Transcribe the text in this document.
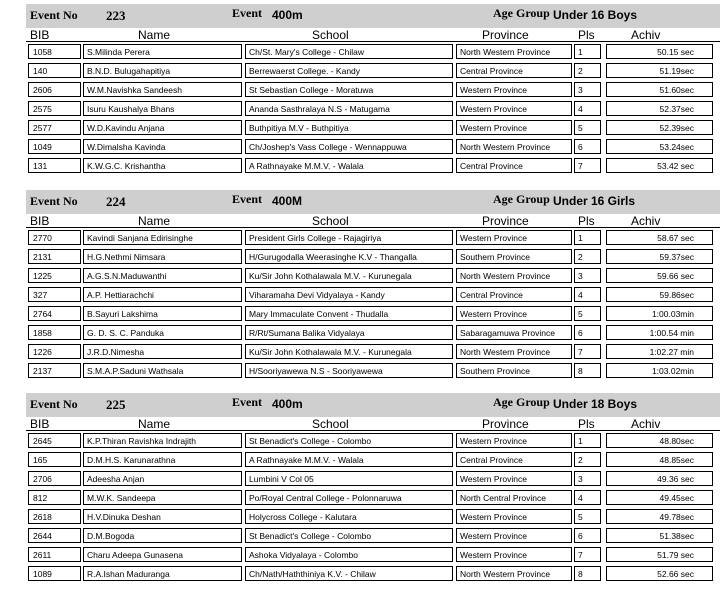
Event No 223	Event 400m	Age Group Under 16 Boys
BIB	Name	School	Province	Pls	Achiv
1058	S.Milinda Perera	Ch/St. Mary's College - Chilaw	North Western Province	1	50.15 sec
140	B.N.D. Bulugahapitiya	Berrewaerst College. - Kandy	Central Province	2	51.19sec
2606	W.M.Navishka Sandeesh	St Sebastian College - Moratuwa	Western Province	3	51.60sec
2575	Isuru Kaushalya Bhans	Ananda Sasthralaya N.S - Matugama	Western Province	4	52.37sec
2577	W.D.Kavindu Anjana	Buthpitiya M.V - Buthpitiya	Western Province	5	52.39sec
1049	W.Dimalsha Kavinda	Ch/Joshep's Vass College - Wennappuwa	North Western Province	6	53.24sec
131	K.W.G.C. Krishantha	A Rathnayake M.M.V. - Walala	Central Province	7	53.42 sec
Event No 224	Event 400M	Age Group Under 16 Girls
BIB	Name	School	Province	Pls	Achiv
2770	Kavindi Sanjana Edirisinghe	President Girls College - Rajagiriya	Western Province	1	58.67 sec
2131	H.G.Nethmi Nimsara	H/Gurugodalla Weerasinghe K.V - Thangalla	Southern Province	2	59.37sec
1225	A.G.S.N.Maduwanthi	Ku/Sir John Kothalawala M.V. - Kurunegala	North Western Province	3	59.66 sec
327	A.P. Hettiarachchi	Viharamaha Devi Vidyalaya - Kandy	Central Province	4	59.86sec
2764	B.Sayuri Lakshima	Mary Immaculate Convent - Thudalla	Western Province	5	1:00.03min
1858	G. D. S. C. Panduka	R/Rt/Sumana Balika Vidyalaya	Sabaragamuwa Province	6	1:00.54 min
1226	J.R.D.Nimesha	Ku/Sir John Kothalawala M.V. - Kurunegala	North Western Province	7	1:02.27 min
2137	S.M.A.P.Saduni Wathsala	H/Sooriyawewa N.S - Sooriyawewa	Southern Province	8	1:03.02min
Event No 225	Event 400m	Age Group Under 18 Boys
BIB	Name	School	Province	Pls	Achiv
2645	K.P.Thiran Ravishka Indrajith	St Benadict's College - Colombo	Western Province	1	48.80sec
165	D.M.H.S. Karunarathna	A Rathnayake M.M.V. - Walala	Central Province	2	48.85sec
2706	Adeesha Anjan	Lumbini V Col 05	Western Province	3	49.36 sec
812	M.W.K. Sandeepa	Po/Royal Central College - Polonnaruwa	North Central Province	4	49.45sec
2618	H.V.Dinuka Deshan	Holycross College - Kalutara	Western Province	5	49.78sec
2644	D.M.Bogoda	St Benadict's College - Colombo	Western Province	6	51.38sec
2611	Charu Adeepa Gunasena	Ashoka Vidyalaya - Colombo	Western Province	7	51.79 sec
1089	R.A.Ishan Maduranga	Ch/Nath/Haththiniya K.V. - Chilaw	North Western Province	8	52.66 sec
